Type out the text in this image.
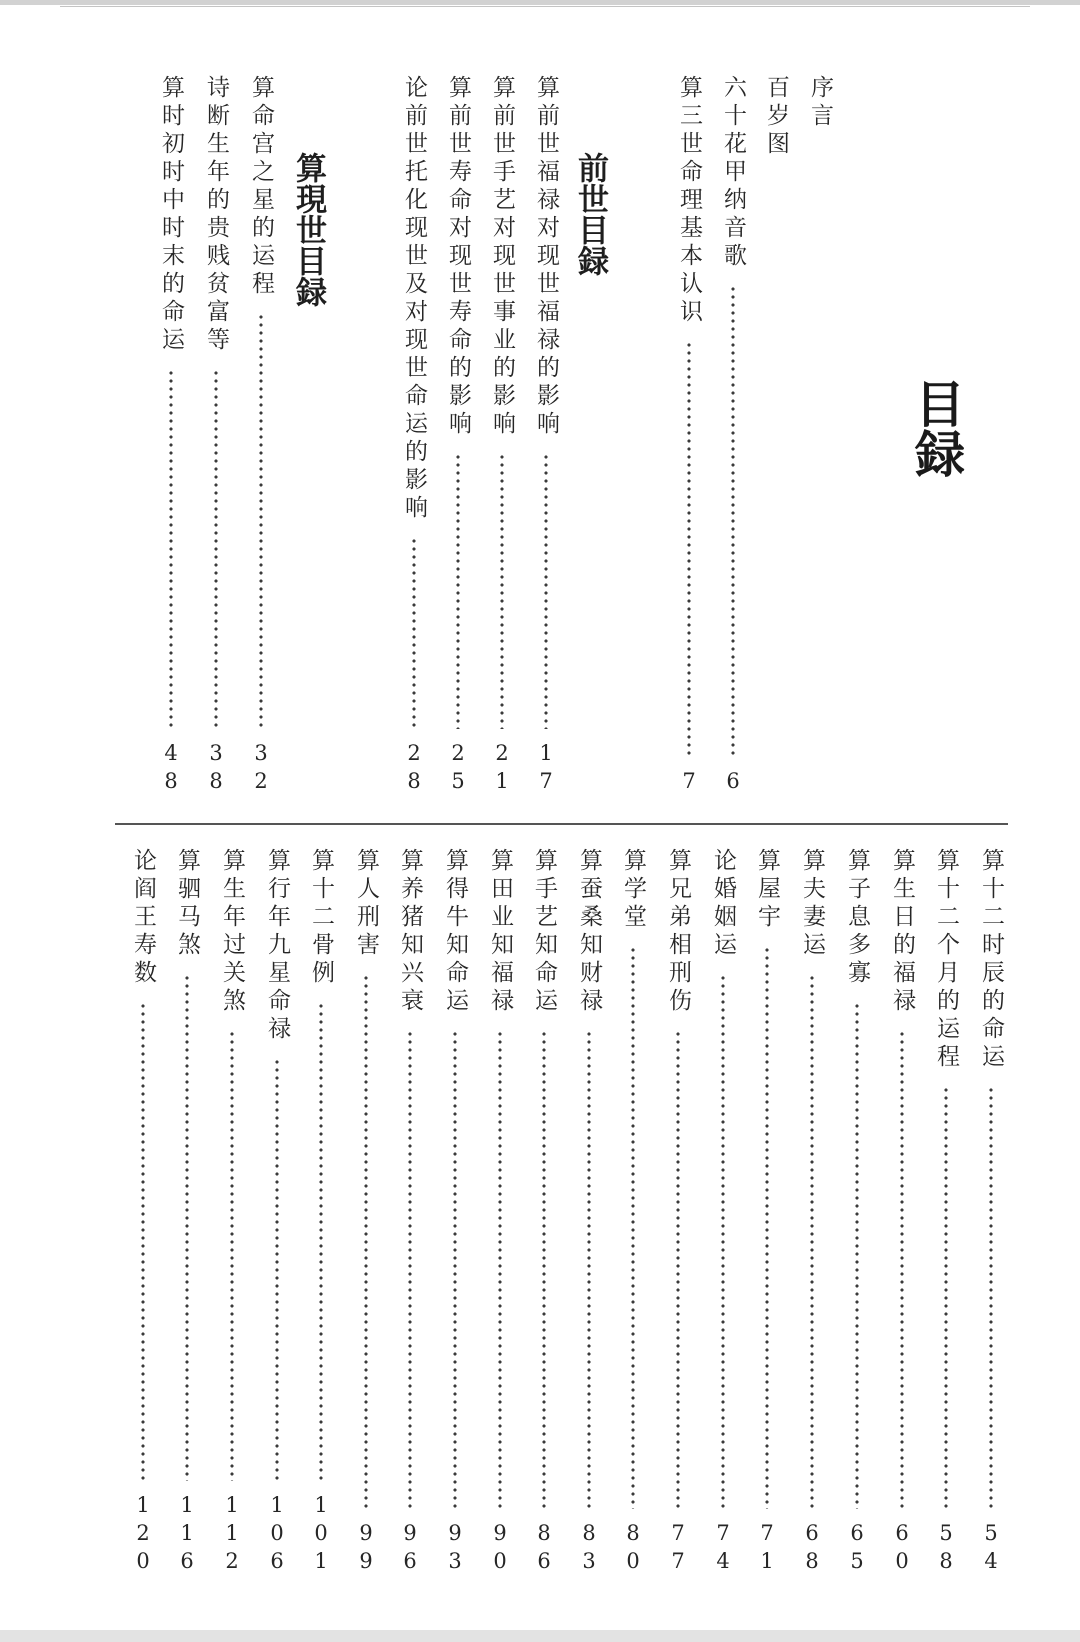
目録
前世目録
算現世目録
序言
百岁图
六十花甲纳音歌
6
算三世命理基本认识
7
算前世福禄对现世福禄的影响
1
7
算前世手艺对现世事业的影响
2
1
算前世寿命对现世寿命的影响
2
5
论前世托化现世及对现世命运的影响
2
8
算命宫之星的运程
3
2
诗断生年的贵贱贫富等
3
8
算时初时中时末的命运
4
8
算十二时辰的命运
5
4
算十二个月的运程
5
8
算生日的福禄
6
0
算子息多寡
6
5
算夫妻运
6
8
算屋宇
7
1
论婚姻运
7
4
算兄弟相刑伤
7
7
算学堂
8
0
算蚕桑知财禄
8
3
算手艺知命运
8
6
算田业知福禄
9
0
算得牛知命运
9
3
算养猪知兴衰
9
6
算人刑害
9
9
算十二骨例
1
0
1
算行年九星命禄
1
0
6
算生年过关煞
1
1
2
算驷马煞
1
1
6
论阎王寿数
1
2
0
